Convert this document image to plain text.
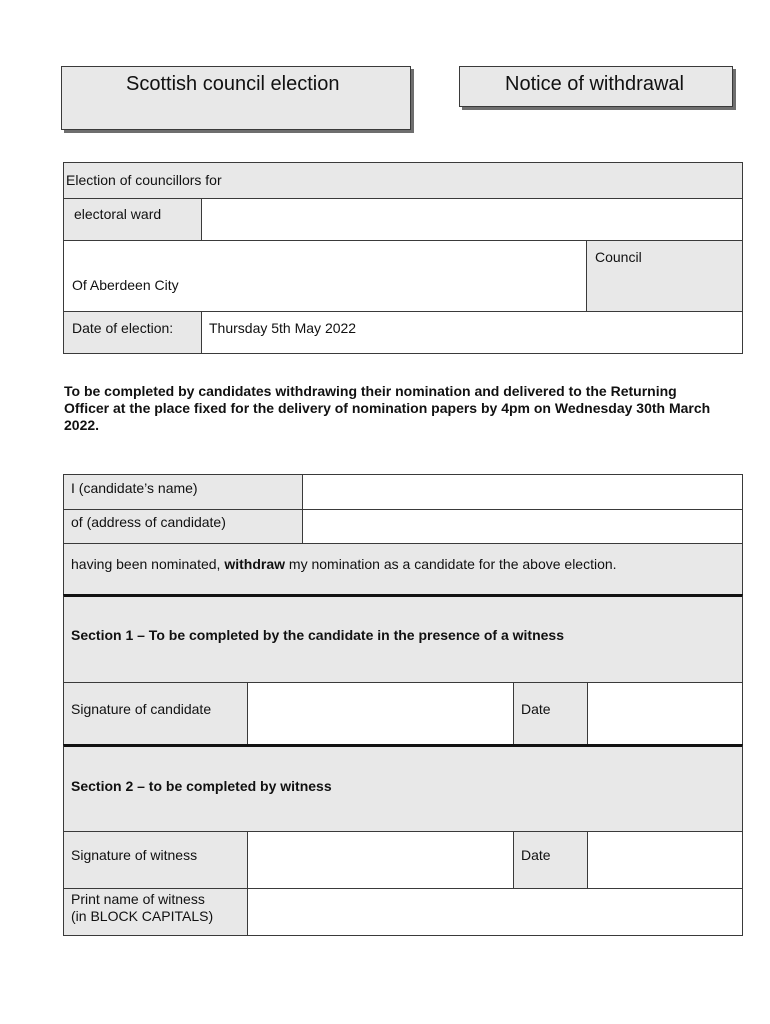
Scottish council election	Notice of withdrawal
Election of councillors for
electoral ward
Of Aberdeen City
Council
Date of election:	Thursday 5th May 2022
To be completed by candidates withdrawing their nomination and delivered to the Returning Officer at the place fixed for the delivery of nomination papers by 4pm on Wednesday 30th March 2022.
I (candidate’s name)
of (address of candidate)
having been nominated, withdraw my nomination as a candidate for the above election.
Section 1 – To be completed by the candidate in the presence of a witness
Signature of candidate	Date
Section 2 – to be completed by witness
Signature of witness	Date
Print name of witness
(in BLOCK CAPITALS)
